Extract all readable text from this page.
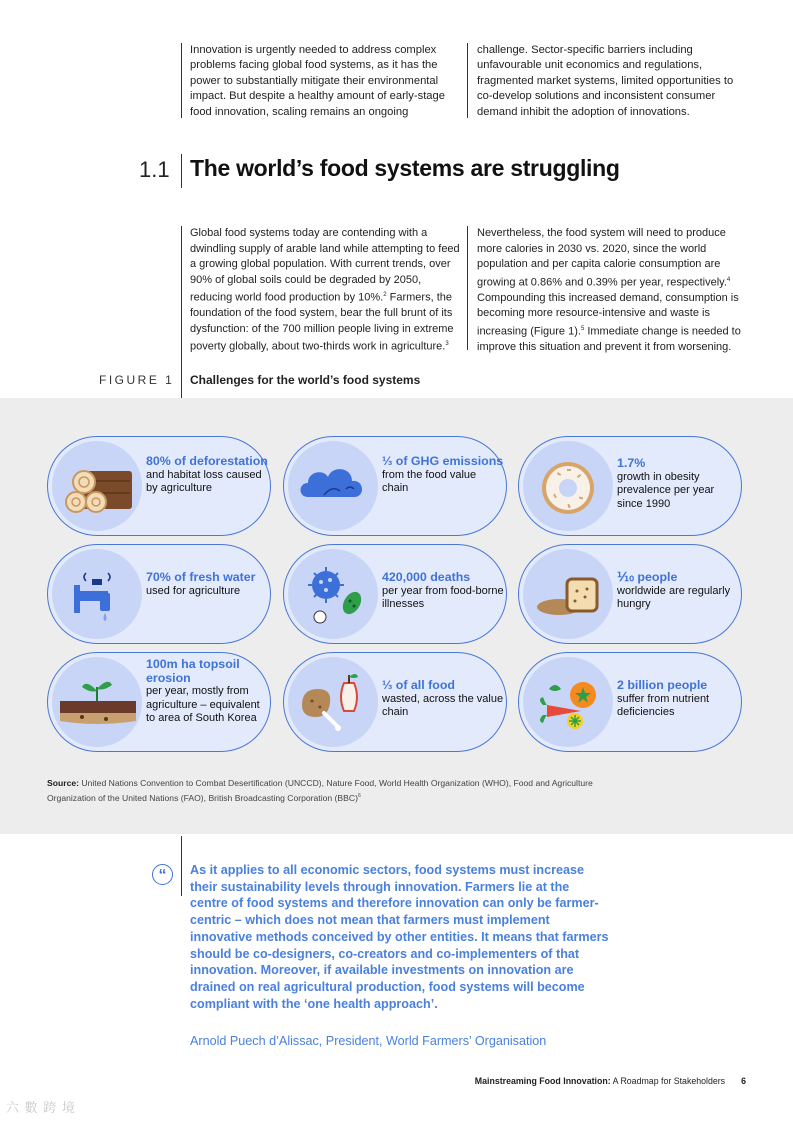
Innovation is urgently needed to address complex problems facing global food systems, as it has the power to substantially mitigate their environmental impact. But despite a healthy amount of early-stage food innovation, scaling remains an ongoing
challenge. Sector-specific barriers including unfavourable unit economics and regulations, fragmented market systems, limited opportunities to co-develop solutions and inconsistent consumer demand inhibit the adoption of innovations.
1.1 The world’s food systems are struggling
Global food systems today are contending with a dwindling supply of arable land while attempting to feed a growing global population. With current trends, over 90% of global soils could be degraded by 2050, reducing world food production by 10%.$^2$ Farmers, the foundation of the food system, bear the full brunt of its dysfunction: of the 700 million people living in extreme poverty globally, about two-thirds work in agriculture.$^3$
Nevertheless, the food system will need to produce more calories in 2030 vs. 2020, since the world population and per capita calorie consumption are growing at 0.86% and 0.39% per year, respectively.$^4$ Compounding this increased demand, consumption is becoming more resource-intensive and waste is increasing (Figure 1).$^5$ Immediate change is needed to improve this situation and prevent it from worsening.
FIGURE 1 Challenges for the world’s food systems
80% of deforestation
and habitat loss caused by agriculture
⅓ of GHG emissions
from the food value chain
1.7%
growth in obesity prevalence per year since 1990
70% of fresh water
used for agriculture
420,000 deaths
per year from food-borne illnesses
⅒ people
worldwide are regularly hungry
100m ha topsoil erosion
per year, mostly from agriculture – equivalent to area of South Korea
⅓ of all food
wasted, across the value chain
2 billion people
suffer from nutrient deficiencies
Source: United Nations Convention to Combat Desertification (UNCCD), Nature Food, World Health Organization (WHO), Food and Agriculture Organization of the United Nations (FAO), British Broadcasting Corporation (BBC)$^6$
“	As it applies to all economic sectors, food systems must increase their sustainability levels through innovation. Farmers lie at the centre of food systems and therefore innovation can only be farmer-centric – which does not mean that farmers must implement innovative methods conceived by other entities. It means that farmers should be co-designers, co-creators and co-implementers of that innovation. Moreover, if available investments on innovation are drained on real agricultural production, food systems will become compliant with the ‘one health approach’.
Arnold Puech d’Alissac, President, World Farmers’ Organisation
Mainstreaming Food Innovation: A Roadmap for Stakeholders 6
六 數 跨 境
